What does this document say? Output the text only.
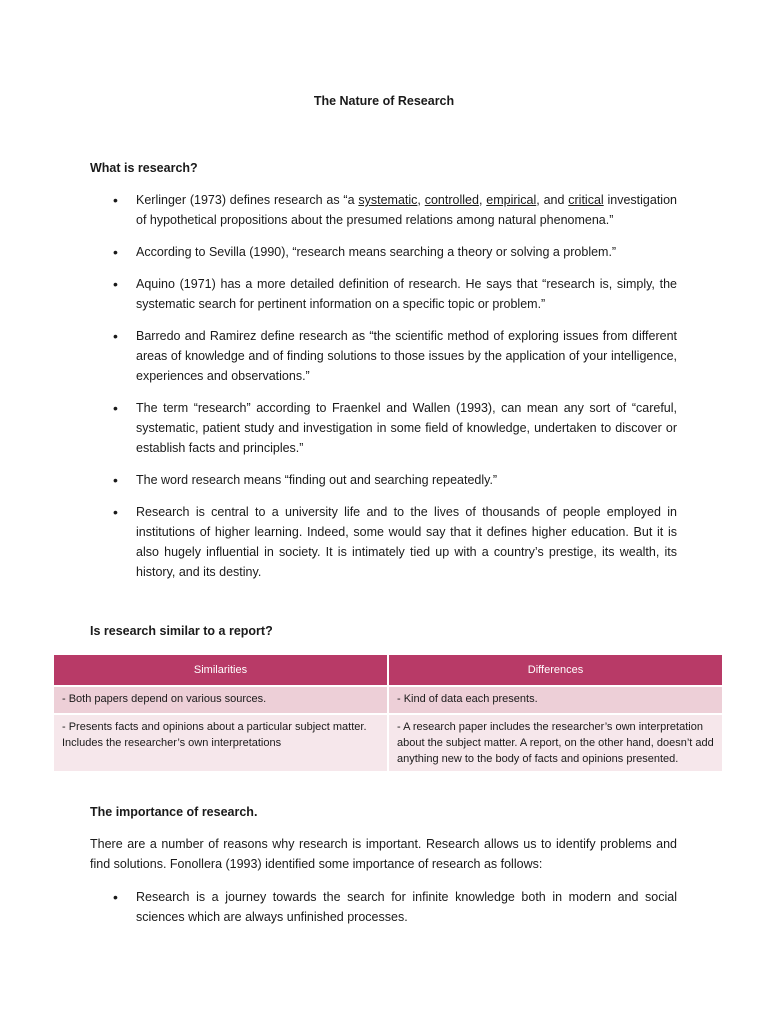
The Nature of Research
What is research?
• Kerlinger (1973) defines research as “a systematic, controlled, empirical, and critical investigation of hypothetical propositions about the presumed relations among natural phenomena.”
• According to Sevilla (1990), “research means searching a theory or solving a problem.”
• Aquino (1971) has a more detailed definition of research. He says that “research is, simply, the systematic search for pertinent information on a specific topic or problem.”
• Barredo and Ramirez define research as “the scientific method of exploring issues from different areas of knowledge and of finding solutions to those issues by the application of your intelligence, experiences and observations.”
• The term “research” according to Fraenkel and Wallen (1993), can mean any sort of “careful, systematic, patient study and investigation in some field of knowledge, undertaken to discover or establish facts and principles.”
• The word research means “finding out and searching repeatedly.”
• Research is central to a university life and to the lives of thousands of people employed in institutions of higher learning. Indeed, some would say that it defines higher education. But it is also hugely influential in society. It is intimately tied up with a country’s prestige, its wealth, its history, and its destiny.
Is research similar to a report?
Similarities	Differences
- Both papers depend on various sources.	- Kind of data each presents.
- Presents facts and opinions about a particular subject matter. Includes the researcher’s own interpretations	- A research paper includes the researcher’s own interpretation about the subject matter. A report, on the other hand, doesn’t add anything new to the body of facts and opinions presented.
The importance of research.
There are a number of reasons why research is important. Research allows us to identify problems and find solutions. Fonollera (1993) identified some importance of research as follows:
• Research is a journey towards the search for infinite knowledge both in modern and social sciences which are always unfinished processes.
